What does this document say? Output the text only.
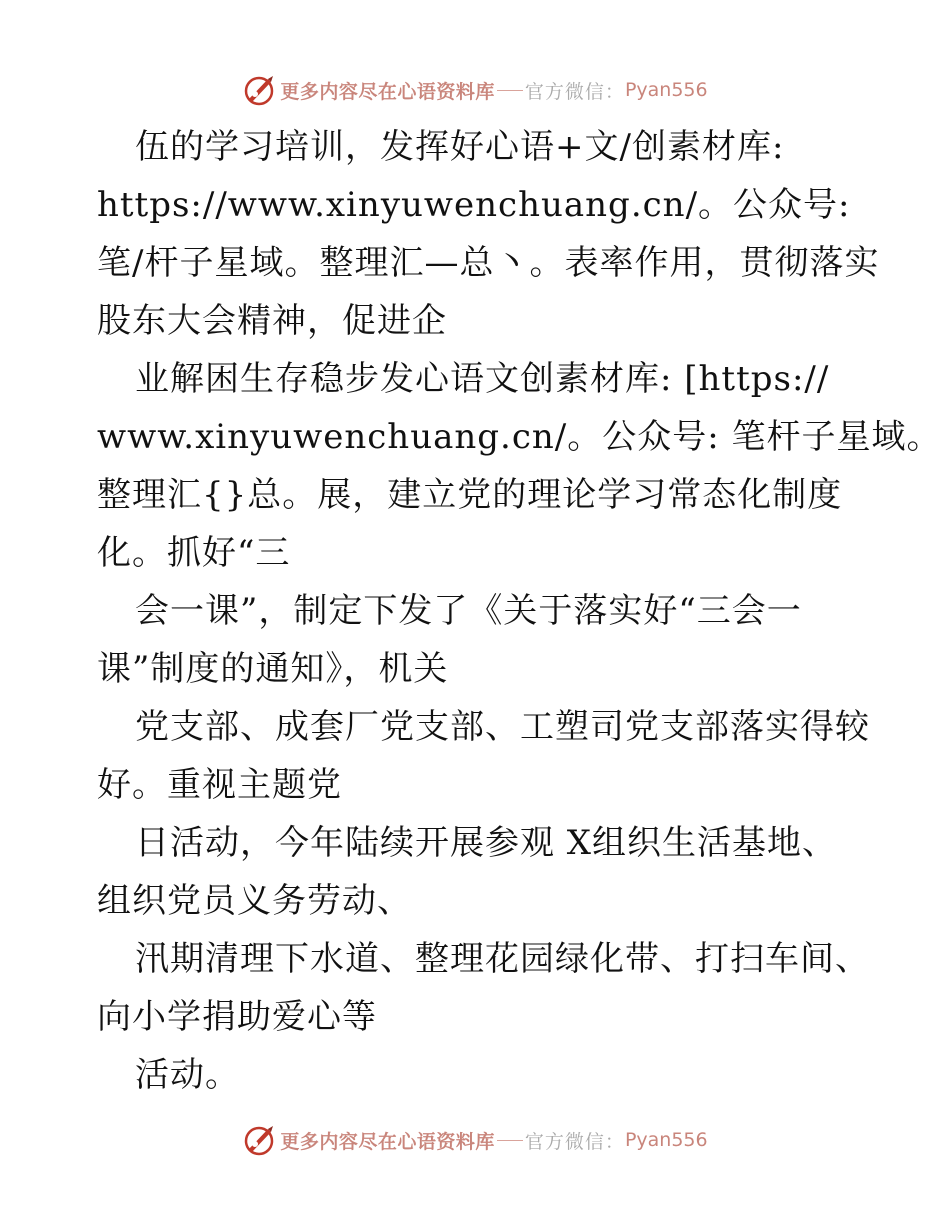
更多内容尽在心语资料库 官方微信： Pyan556
伍的学习培训，发挥好心语+文/创素材库:
https://www.xinyuwenchuang.cn/。公众号:
笔/杆子星域。整理汇—总丶。表率作用，贯彻落实
股东大会精神，促进企
业解困生存稳步发心语文创素材库: [https://
www.xinyuwenchuang.cn/。公众号: 笔杆子星域。
整理汇{}总。展，建立党的理论学习常态化制度
化。抓好“三
会一课”，制定下发了《关于落实好“三会一
课”制度的通知》，机关
党支部、成套厂党支部、工塑司党支部落实得较
好。重视主题党
日活动，今年陆续开展参观 X组织生活基地、
组织党员义务劳动、
汛期清理下水道、整理花园绿化带、打扫车间、
向小学捐助爱心等
活动。
更多内容尽在心语资料库 官方微信： Pyan556
